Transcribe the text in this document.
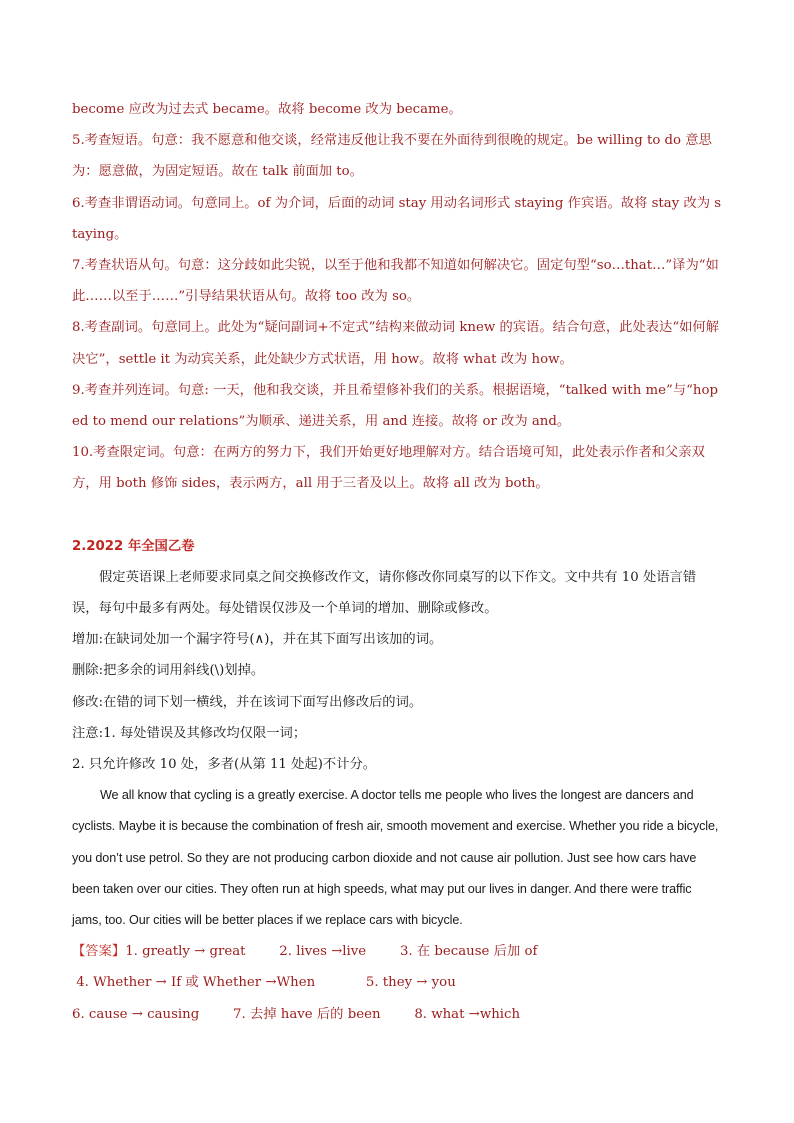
become 应改为过去式 became。故将 become 改为 became。

5.考查短语。句意：我不愿意和他交谈，经常违反他让我不要在外面待到很晚的规定。be willing to do 意思为：愿意做，为固定短语。故在 talk 前面加 to。

6.考查非谓语动词。句意同上。of 为介词，后面的动词 stay 用动名词形式 staying 作宾语。故将 stay 改为 staying。

7.考查状语从句。句意：这分歧如此尖锐，以至于他和我都不知道如何解决它。固定句型“so…that…”译为“如此……以至于……”引导结果状语从句。故将 too 改为 so。

8.考查副词。句意同上。此处为“疑问副词+不定式”结构来做动词 knew 的宾语。结合句意，此处表达“如何解决它”，settle it 为动宾关系，此处缺少方式状语，用 how。故将 what 改为 how。

9.考查并列连词。句意: 一天，他和我交谈，并且希望修补我们的关系。根据语境，“talked with me”与“hoped to mend our relations”为顺承、递进关系，用 and 连接。故将 or 改为 and。

10.考查限定词。句意：在两方的努力下，我们开始更好地理解对方。结合语境可知，此处表示作者和父亲双方，用 both 修饰 sides，表示两方，all 用于三者及以上。故将 all 改为 both。

2.2022 年全国乙卷

假定英语课上老师要求同桌之间交换修改作文，请你修改你同桌写的以下作文。文中共有 10 处语言错误，每句中最多有两处。每处错误仅涉及一个单词的增加、删除或修改。

增加:在缺词处加一个漏字符号(∧)，并在其下面写出该加的词。

删除:把多余的词用斜线(\)划掉。

修改:在错的词下划一横线，并在该词下面写出修改后的词。

注意:1. 每处错误及其修改均仅限一词；

2. 只允许修改 10 处，多者(从第 11 处起)不计分。

We all know that cycling is a greatly exercise. A doctor tells me people who lives the longest are dancers and cyclists. Maybe it is because the combination of fresh air, smooth movement and exercise. Whether you ride a bicycle, you don’t use petrol. So they are not producing carbon dioxide and not cause air pollution. Just see how cars have been taken over our cities. They often run at high speeds, what may put our lives in danger. And there were traffic jams, too. Our cities will be better places if we replace cars with bicycle.

【答案】1. greatly → great        2. lives →live        3. 在 because 后加 of

4. Whether → If 或 Whether →When            5. they → you

6. cause → causing        7. 去掉 have 后的 been        8. what →which
